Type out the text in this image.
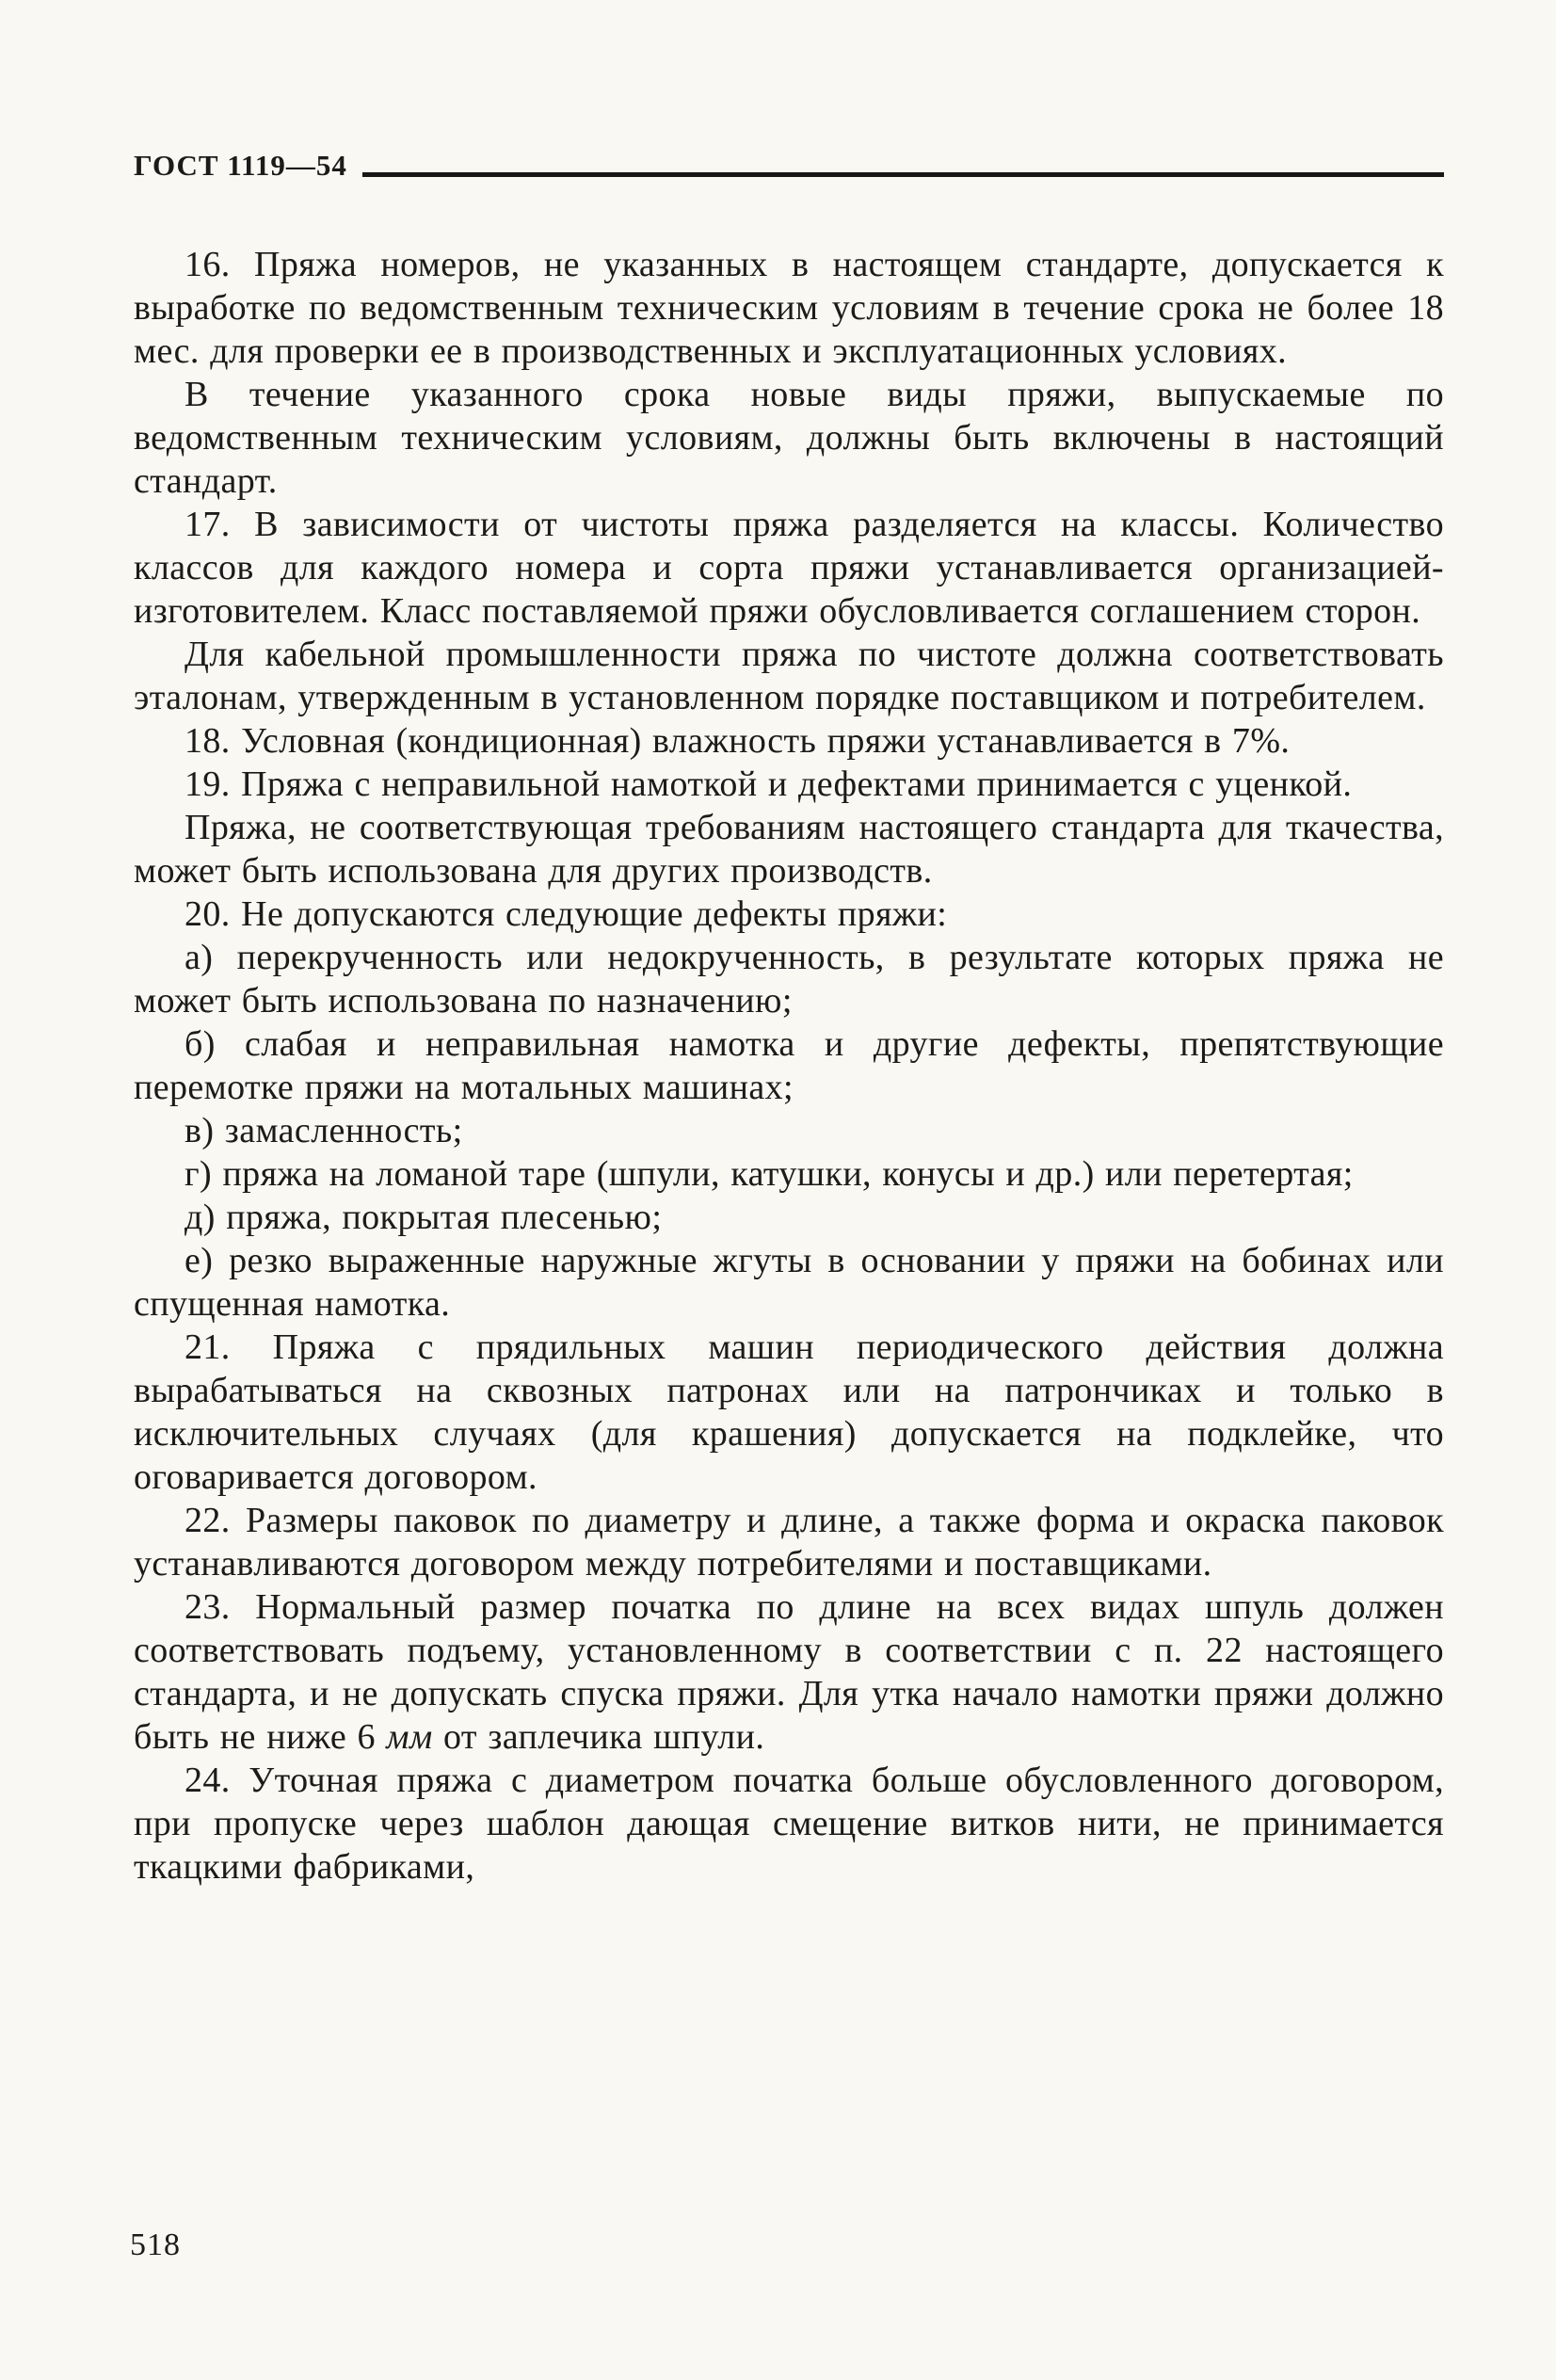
ГОСТ 1119—54

16. Пряжа номеров, не указанных в настоящем стандарте, допускается к выработке по ведомственным техническим условиям в течение срока не более 18 мес. для проверки ее в производственных и эксплуатационных условиях.

В течение указанного срока новые виды пряжи, выпускаемые по ведомственным техническим условиям, должны быть включены в настоящий стандарт.

17. В зависимости от чистоты пряжа разделяется на классы. Количество классов для каждого номера и сорта пряжи устанавливается организацией-изготовителем. Класс поставляемой пряжи обусловливается соглашением сторон.

Для кабельной промышленности пряжа по чистоте должна соответствовать эталонам, утвержденным в установленном порядке поставщиком и потребителем.

18. Условная (кондиционная) влажность пряжи устанавливается в 7%.

19. Пряжа с неправильной намоткой и дефектами принимается с уценкой.

Пряжа, не соответствующая требованиям настоящего стандарта для ткачества, может быть использована для других производств.

20. Не допускаются следующие дефекты пряжи:

а) перекрученность или недокрученность, в результате которых пряжа не может быть использована по назначению;

б) слабая и неправильная намотка и другие дефекты, препятствующие перемотке пряжи на мотальных машинах;

в) замасленность;

г) пряжа на ломаной таре (шпули, катушки, конусы и др.) или перетертая;

д) пряжа, покрытая плесенью;

е) резко выраженные наружные жгуты в основании у пряжи на бобинах или спущенная намотка.

21. Пряжа с прядильных машин периодического действия должна вырабатываться на сквозных патронах или на патрончиках и только в исключительных случаях (для крашения) допускается на подклейке, что оговаривается договором.

22. Размеры паковок по диаметру и длине, а также форма и окраска паковок устанавливаются договором между потребителями и поставщиками.

23. Нормальный размер початка по длине на всех видах шпуль должен соответствовать подъему, установленному в соответствии с п. 22 настоящего стандарта, и не допускать спуска пряжи. Для утка начало намотки пряжи должно быть не ниже 6 мм от заплечика шпули.

24. Уточная пряжа с диаметром початка больше обусловленного договором, при пропуске через шаблон дающая смещение витков нити, не принимается ткацкими фабриками,

518
